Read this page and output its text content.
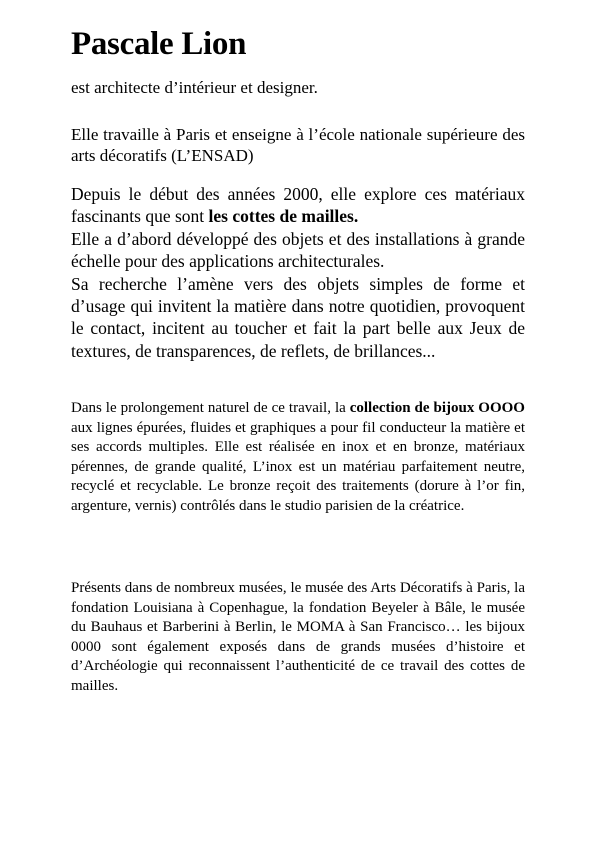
Pascale Lion

est architecte d’intérieur et designer.

Elle travaille à Paris et enseigne à l’école nationale supérieure des arts décoratifs (L’ENSAD)

Depuis le début des années 2000, elle explore ces matériaux fascinants que sont les cottes de mailles.
Elle a d’abord développé des objets et des installations à grande échelle pour des applications architecturales.
Sa recherche l’amène vers des objets simples de forme et d’usage qui invitent la matière dans notre quotidien, provoquent le contact, incitent au toucher et fait la part belle aux Jeux de textures, de transparences, de reflets, de brillances...

Dans le prolongement naturel de ce travail, la collection de bijoux OOOO aux lignes épurées, fluides et graphiques a pour fil conducteur la matière et ses accords multiples. Elle est réalisée en inox et en bronze, matériaux pérennes, de grande qualité, L’inox est un matériau parfaitement neutre, recyclé et recyclable. Le bronze reçoit des traitements (dorure à l’or fin, argenture, vernis) contrôlés dans le studio parisien de la créatrice.

Présents dans de nombreux musées, le musée des Arts Décoratifs à Paris, la fondation Louisiana à Copenhague, la fondation Beyeler à Bâle, le musée du Bauhaus et Barberini à Berlin, le MOMA à San Francisco… les bijoux 0000 sont également exposés dans de grands musées d’histoire et d’Archéologie qui reconnaissent l’authenticité de ce travail des cottes de mailles.
